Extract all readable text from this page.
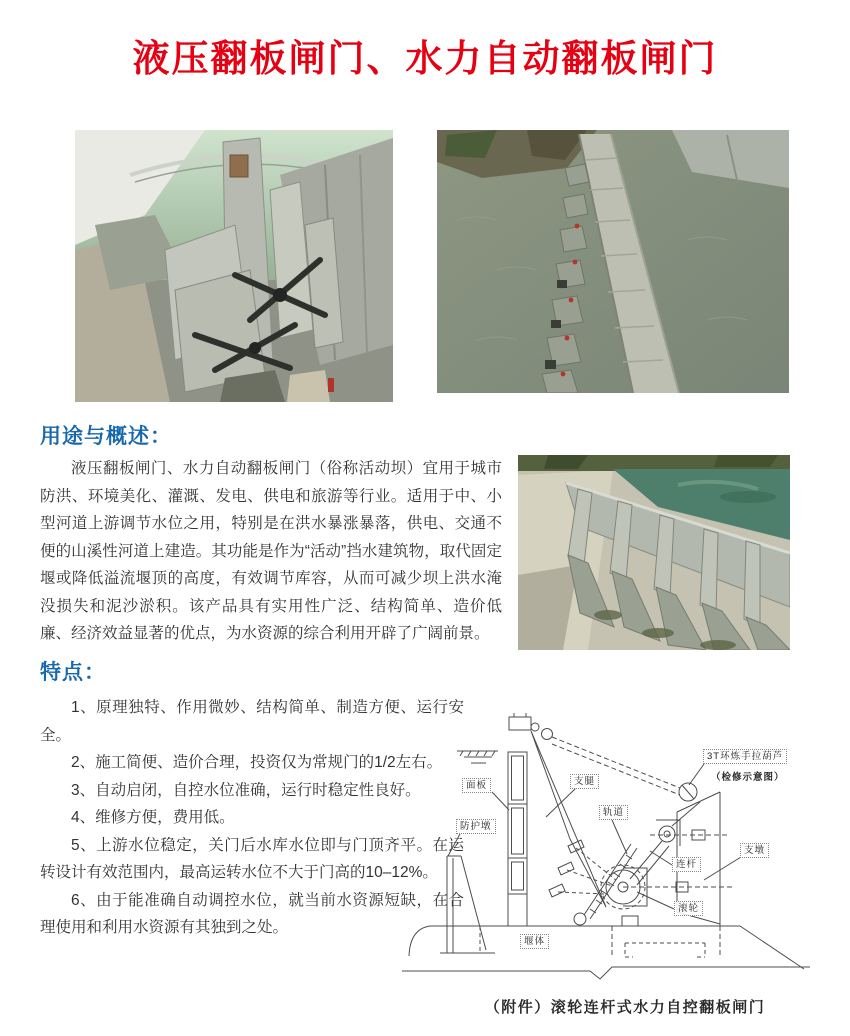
液压翻板闸门、水力自动翻板闸门
用途与概述：

液压翻板闸门、水力自动翻板闸门（俗称活动坝）宜用于城市防洪、环境美化、灌溉、发电、供电和旅游等行业。适用于中、小型河道上游调节水位之用，特别是在洪水暴涨暴落，供电、交通不便的山溪性河道上建造。其功能是作为“活动”挡水建筑物，取代固定堰或降低溢流堰顶的高度，有效调节库容，从而可减少坝上洪水淹没损失和泥沙淤积。该产品具有实用性广泛、结构简单、造价低廉、经济效益显著的优点，为水资源的综合利用开辟了广阔前景。

特点：

1、原理独特、作用微妙、结构简单、制造方便、运行安全。

2、施工简便、造价合理，投资仅为常规门的1/2左右。

3、自动启闭，自控水位准确，运行时稳定性良好。

4、维修方便，费用低。

5、上游水位稳定，关门后水库水位即与门顶齐平。在运转设计有效范围内，最高运转水位不大于门高的10–12%。

6、由于能准确自动调控水位，就当前水资源短缺，在合理使用和利用水资源有其独到之处。

面板
防护墩
支腿
轨道
3T环炼手拉葫芦
（检修示意图）
支墩
连杆
滚轮
堰体
（附件）滚轮连杆式水力自控翻板闸门
